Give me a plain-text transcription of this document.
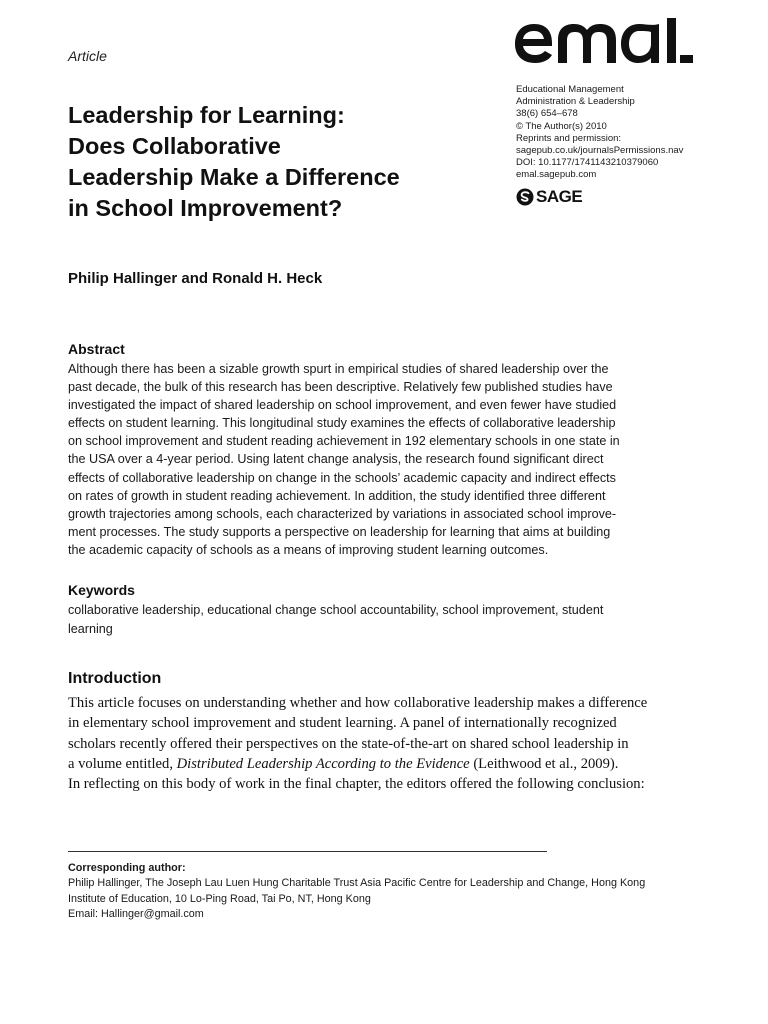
Article
Educational Management
Administration & Leadership
38(6) 654–678
© The Author(s) 2010
Reprints and permission:
sagepub.co.uk/journalsPermissions.nav
DOI: 10.1177/1741143210379060
emal.sagepub.com
SAGE
Leadership for Learning:
Does Collaborative
Leadership Make a Difference
in School Improvement?
Philip Hallinger and Ronald H. Heck
Abstract
Although there has been a sizable growth spurt in empirical studies of shared leadership over the
past decade, the bulk of this research has been descriptive. Relatively few published studies have
investigated the impact of shared leadership on school improvement, and even fewer have studied
effects on student learning. This longitudinal study examines the effects of collaborative leadership
on school improvement and student reading achievement in 192 elementary schools in one state in
the USA over a 4-year period. Using latent change analysis, the research found significant direct
effects of collaborative leadership on change in the schools’ academic capacity and indirect effects
on rates of growth in student reading achievement. In addition, the study identified three different
growth trajectories among schools, each characterized by variations in associated school improve-
ment processes. The study supports a perspective on leadership for learning that aims at building
the academic capacity of schools as a means of improving student learning outcomes.
Keywords
collaborative leadership, educational change school accountability, school improvement, student
learning
Introduction
This article focuses on understanding whether and how collaborative leadership makes a difference
in elementary school improvement and student learning. A panel of internationally recognized
scholars recently offered their perspectives on the state-of-the-art on shared school leadership in
a volume entitled, Distributed Leadership According to the Evidence (Leithwood et al., 2009).
In reflecting on this body of work in the final chapter, the editors offered the following conclusion:
Corresponding author:
Philip Hallinger, The Joseph Lau Luen Hung Charitable Trust Asia Pacific Centre for Leadership and Change, Hong Kong
Institute of Education, 10 Lo-Ping Road, Tai Po, NT, Hong Kong
Email: Hallinger@gmail.com
